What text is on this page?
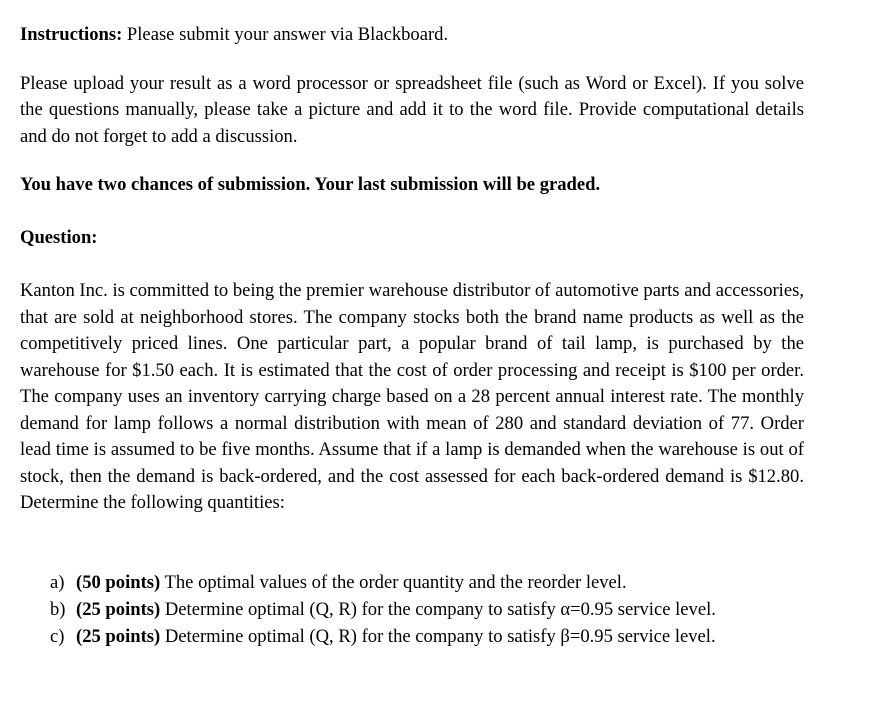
Instructions: Please submit your answer via Blackboard.

Please upload your result as a word processor or spreadsheet file (such as Word or Excel). If you solve the questions manually, please take a picture and add it to the word file. Provide computational details and do not forget to add a discussion.

You have two chances of submission. Your last submission will be graded.

Question:

Kanton Inc. is committed to being the premier warehouse distributor of automotive parts and accessories, that are sold at neighborhood stores. The company stocks both the brand name products as well as the competitively priced lines. One particular part, a popular brand of tail lamp, is purchased by the warehouse for $1.50 each. It is estimated that the cost of order processing and receipt is $100 per order. The company uses an inventory carrying charge based on a 28 percent annual interest rate. The monthly demand for lamp follows a normal distribution with mean of 280 and standard deviation of 77. Order lead time is assumed to be five months. Assume that if a lamp is demanded when the warehouse is out of stock, then the demand is back-ordered, and the cost assessed for each back-ordered demand is $12.80. Determine the following quantities:

a) (50 points) The optimal values of the order quantity and the reorder level.
b) (25 points) Determine optimal (Q, R) for the company to satisfy α=0.95 service level.
c) (25 points) Determine optimal (Q, R) for the company to satisfy β=0.95 service level.
